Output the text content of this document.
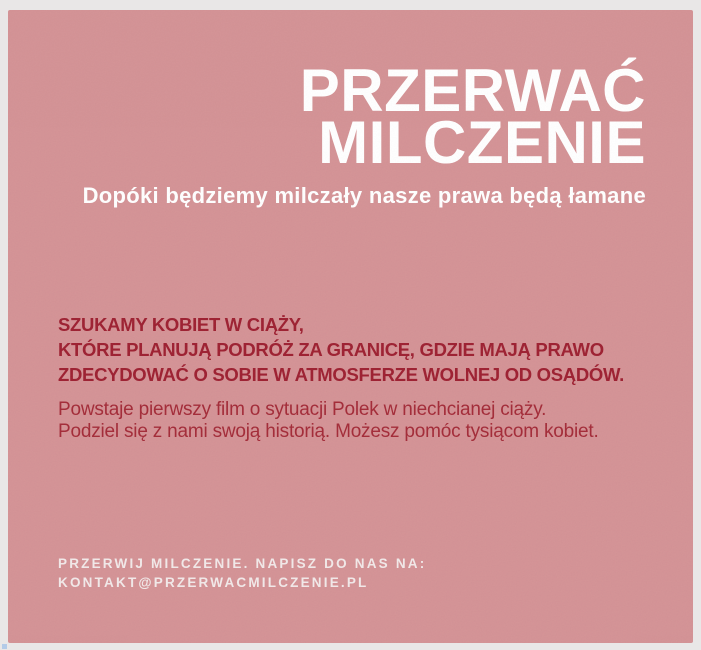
PRZERWAĆ
MILCZENIE

Dopóki będziemy milczały nasze prawa będą łamane

SZUKAMY KOBIET W CIĄŻY,
KTÓRE PLANUJĄ PODRÓŻ ZA GRANICĘ, GDZIE MAJĄ PRAWO
ZDECYDOWAĆ O SOBIE W ATMOSFERZE WOLNEJ OD OSĄDÓW.
Powstaje pierwszy film o sytuacji Polek w niechcianej ciąży.
Podziel się z nami swoją historią. Możesz pomóc tysiącom kobiet.

PRZERWIJ MILCZENIE. NAPISZ DO NAS NA:

KONTAKT@PRZERWACMILCZENIE.PL
